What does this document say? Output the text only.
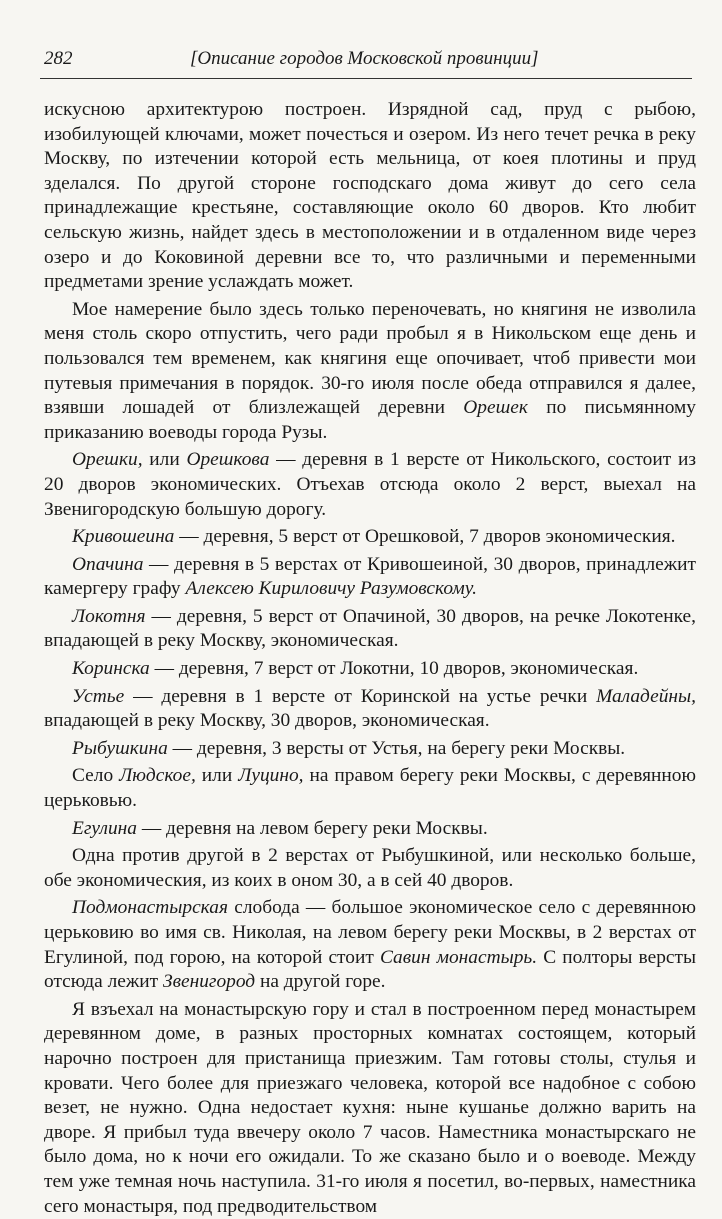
282	[Описание городов Московской провинции]

искусною архитектурою построен. Изрядной сад, пруд с рыбою, изобилующей ключами, может почесться и озером. Из него течет речка в реку Москву, по изтечении которой есть мельница, от коея плотины и пруд зделался. По другой стороне господскаго дома живут до сего села принадлежащие крестьяне, составляющие около 60 дворов. Кто любит сельскую жизнь, найдет здесь в местоположении и в отдаленном виде через озеро и до Коковиной деревни все то, что различными и переменными предметами зрение услаждать может.

Мое намерение было здесь только переночевать, но княгиня не изволила меня столь скоро отпустить, чего ради пробыл я в Никольском еще день и пользовался тем временем, как княгиня еще опочивает, чтоб привести мои путевыя примечания в порядок. 30-го июля после обеда отправился я далее, взявши лошадей от близлежащей деревни Орешек по письмянному приказанию воеводы города Рузы.

Орешки, или Орешкова — деревня в 1 версте от Никольского, состоит из 20 дворов экономических. Отъехав отсюда около 2 верст, выехал на Звенигородскую большую дорогу.

Кривошеина — деревня, 5 верст от Орешковой, 7 дворов экономическия.

Опачина — деревня в 5 верстах от Кривошеиной, 30 дворов, принадлежит камергеру графу Алексею Кириловичу Разумовскому.

Локотня — деревня, 5 верст от Опачиной, 30 дворов, на речке Локотенке, впадающей в реку Москву, экономическая.

Коринска — деревня, 7 верст от Локотни, 10 дворов, экономическая.

Устье — деревня в 1 версте от Коринской на устье речки Маладейны, впадающей в реку Москву, 30 дворов, экономическая.

Рыбушкина — деревня, 3 версты от Устья, на берегу реки Москвы.

Село Людское, или Луцино, на правом берегу реки Москвы, с деревянною церьковью.

Егулина — деревня на левом берегу реки Москвы.

Одна против другой в 2 верстах от Рыбушкиной, или несколько больше, обе экономическия, из коих в оном 30, а в сей 40 дворов.

Подмонастырская слобода — большое экономическое село с деревянною церьковию во имя св. Николая, на левом берегу реки Москвы, в 2 верстах от Егулиной, под горою, на которой стоит Савин монастырь. С полторы версты отсюда лежит Звенигород на другой горе.

Я взъехал на монастырскую гору и стал в построенном перед монастырем деревянном доме, в разных просторных комнатах состоящем, который нарочно построен для пристанища приезжим. Там готовы столы, стулья и кровати. Чего более для приезжаго человека, которой все надобное с собою везет, не нужно. Одна недостает кухня: ныне кушанье должно варить на дворе. Я прибыл туда ввечеру около 7 часов. Наместника монастырскаго не было дома, но к ночи его ожидали. То же сказано было и о воеводе. Между тем уже темная ночь наступила. 31-го июля я посетил, во-первых, наместника сего монастыря, под предводительством
